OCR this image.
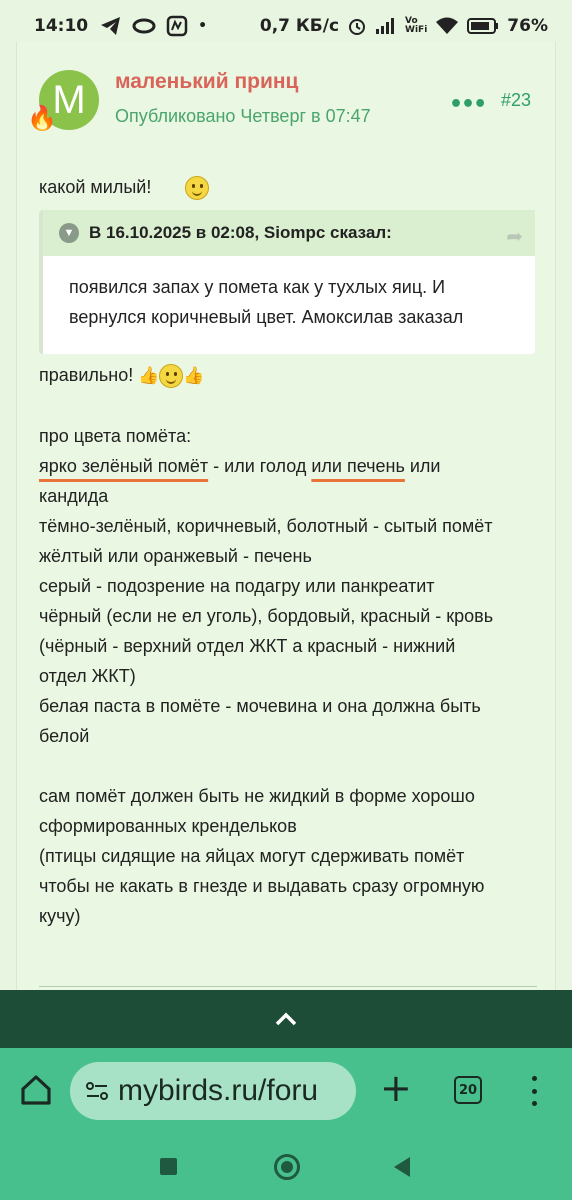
14:10	•	0,7 КБ/с	Vo
WiFi	76%
M
🔥
маленький принц
Опубликовано Четверг в 07:47	••• #23
какой милый!
▼ В 16.10.2025 в 02:08, Siompc сказал:	➦
появился запах у помета как у тухлых яиц. И вернулся коричневый цвет. Амоксилав заказал
правильно! 👍 👍
про цвета помёта:
ярко зелёный помёт - или голод или печень или
кандида
тёмно-зелёный, коричневый, болотный - сытый помёт
жёлтый или оранжевый - печень
серый - подозрение на подагру или панкреатит
чёрный (если не ел уголь), бордовый, красный - кровь
(чёрный - верхний отдел ЖКТ а красный - нижний
отдел ЖКТ)
белая паста в помёте - мочевина и она должна быть
белой
сам помёт должен быть не жидкий в форме хорошо
сформированных крендельков
(птицы сидящие на яйцах могут сдерживать помёт
чтобы не какать в гнезде и выдавать сразу огромную
кучу)
mybirds.ru/foru +	20
